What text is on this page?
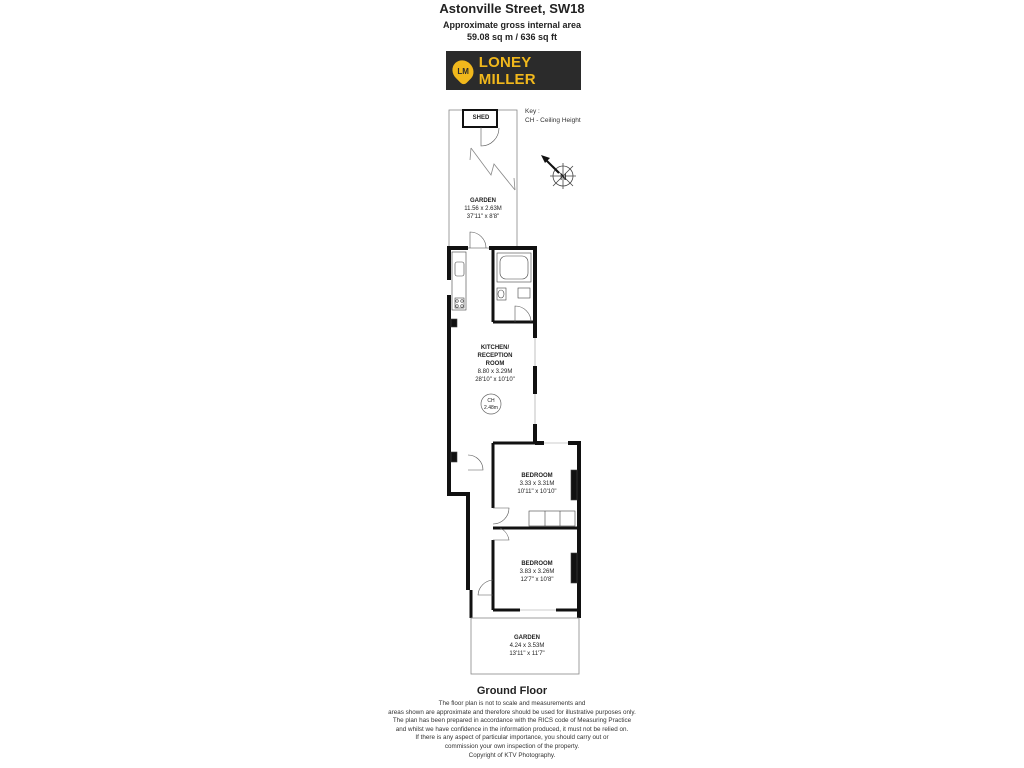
Astonville Street, SW18
Approximate gross internal area
59.08 sq m / 636 sq ft
LM
LONEY MILLER
Key :
CH - Ceiling Height
N
CH
2.48m
SHED
GARDEN
11.56 x 2.63M
37'11" x 8'8"
KITCHEN/
RECEPTION
ROOM
8.80 x 3.29M
28'10" x 10'10"
BEDROOM
3.33 x 3.31M
10'11" x 10'10"
BEDROOM
3.83 x 3.26M
12'7" x 10'8"
GARDEN
4.24 x 3.53M
13'11" x 11'7"
Ground Floor
The floor plan is not to scale and measurements and
areas shown are approximate and therefore should be used for illustrative purposes only.
The plan has been prepared in accordance with the RICS code of Measuring Practice
and whilst we have confidence in the information produced, it must not be relied on.
If there is any aspect of particular importance, you should carry out or
commission your own inspection of the property.
Copyright of KTV Photography.
